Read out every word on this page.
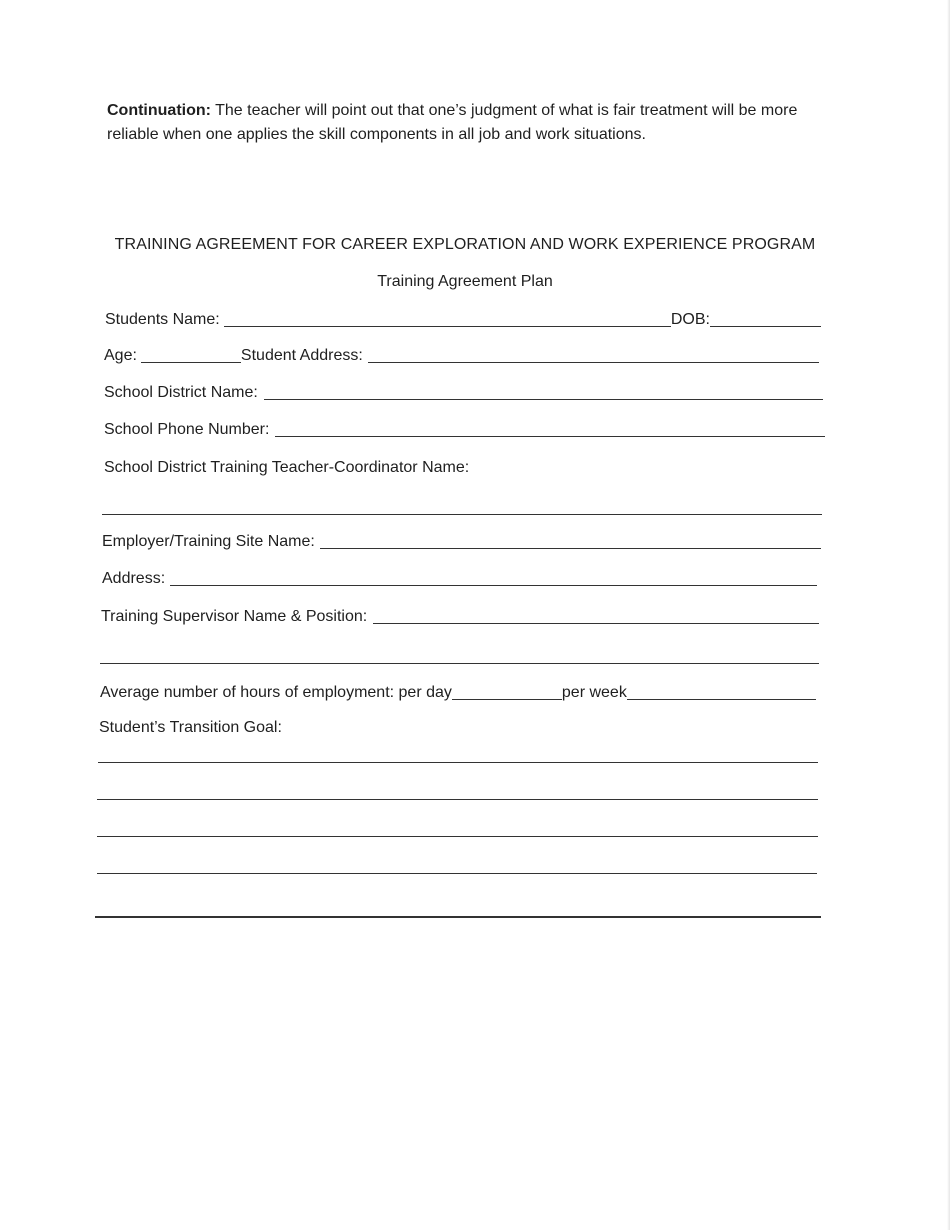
Continuation: The teacher will point out that one’s judgment of what is fair treatment will be more reliable when one applies the skill components in all job and work situations.
TRAINING AGREEMENT FOR CAREER EXPLORATION AND WORK EXPERIENCE PROGRAM
Training Agreement Plan
Students Name:	DOB:
Age:	Student Address:
School District Name:
School Phone Number:
School District Training Teacher-Coordinator Name:
Employer/Training Site Name:
Address:
Training Supervisor Name & Position:
Average number of hours of employment: per day	per week
Student’s Transition Goal:
